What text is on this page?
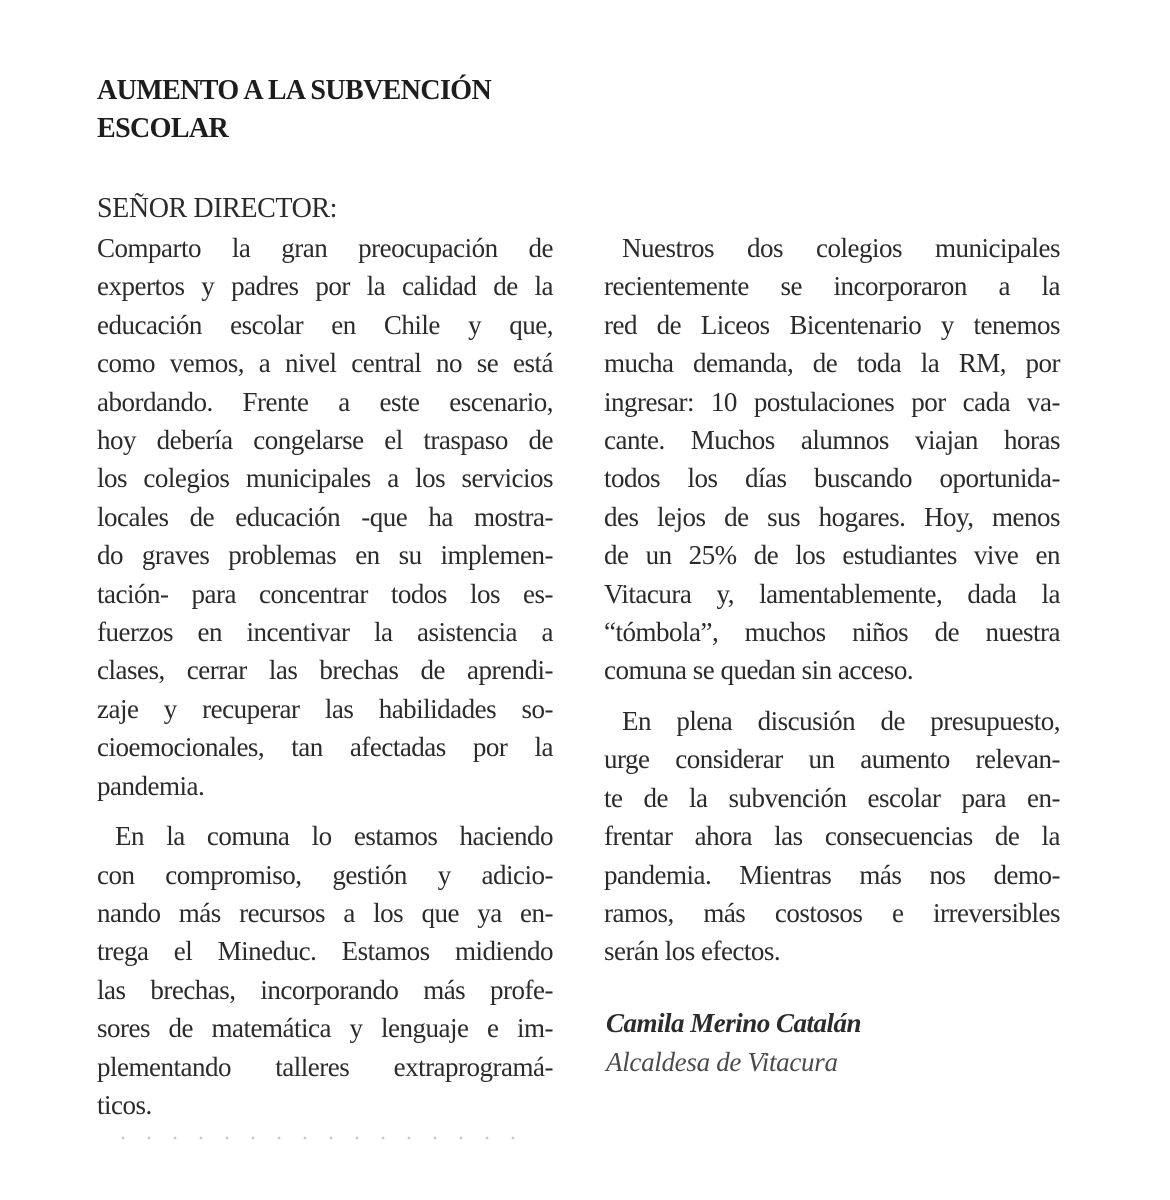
AUMENTO A LA SUBVENCIÓN
ESCOLAR
SEÑOR DIRECTOR:

Comparto la gran preocupación de
expertos y padres por la calidad de la
educación escolar en Chile y que,
como vemos, a nivel central no se está
abordando. Frente a este escenario,
hoy debería congelarse el traspaso de
los colegios municipales a los servicios
locales de educación -que ha mostra-
do graves problemas en su implemen-
tación- para concentrar todos los es-
fuerzos en incentivar la asistencia a
clases, cerrar las brechas de aprendi-
zaje y recuperar las habilidades so-
cioemocionales, tan afectadas por la
pandemia.

En la comuna lo estamos haciendo
con compromiso, gestión y adicio-
nando más recursos a los que ya en-
trega el Mineduc. Estamos midiendo
las brechas, incorporando más profe-
sores de matemática y lenguaje e im-
plementando talleres extraprogramá-
ticos.

Nuestros dos colegios municipales
recientemente se incorporaron a la
red de Liceos Bicentenario y tenemos
mucha demanda, de toda la RM, por
ingresar: 10 postulaciones por cada va-
cante. Muchos alumnos viajan horas
todos los días buscando oportunida-
des lejos de sus hogares. Hoy, menos
de un 25% de los estudiantes vive en
Vitacura y, lamentablemente, dada la
“tómbola”, muchos niños de nuestra
comuna se quedan sin acceso.

En plena discusión de presupuesto,
urge considerar un aumento relevan-
te de la subvención escolar para en-
frentar ahora las consecuencias de la
pandemia. Mientras más nos demo-
ramos, más costosos e irreversibles
serán los efectos.

Camila Merino Catalán
Alcaldesa de Vitacura
